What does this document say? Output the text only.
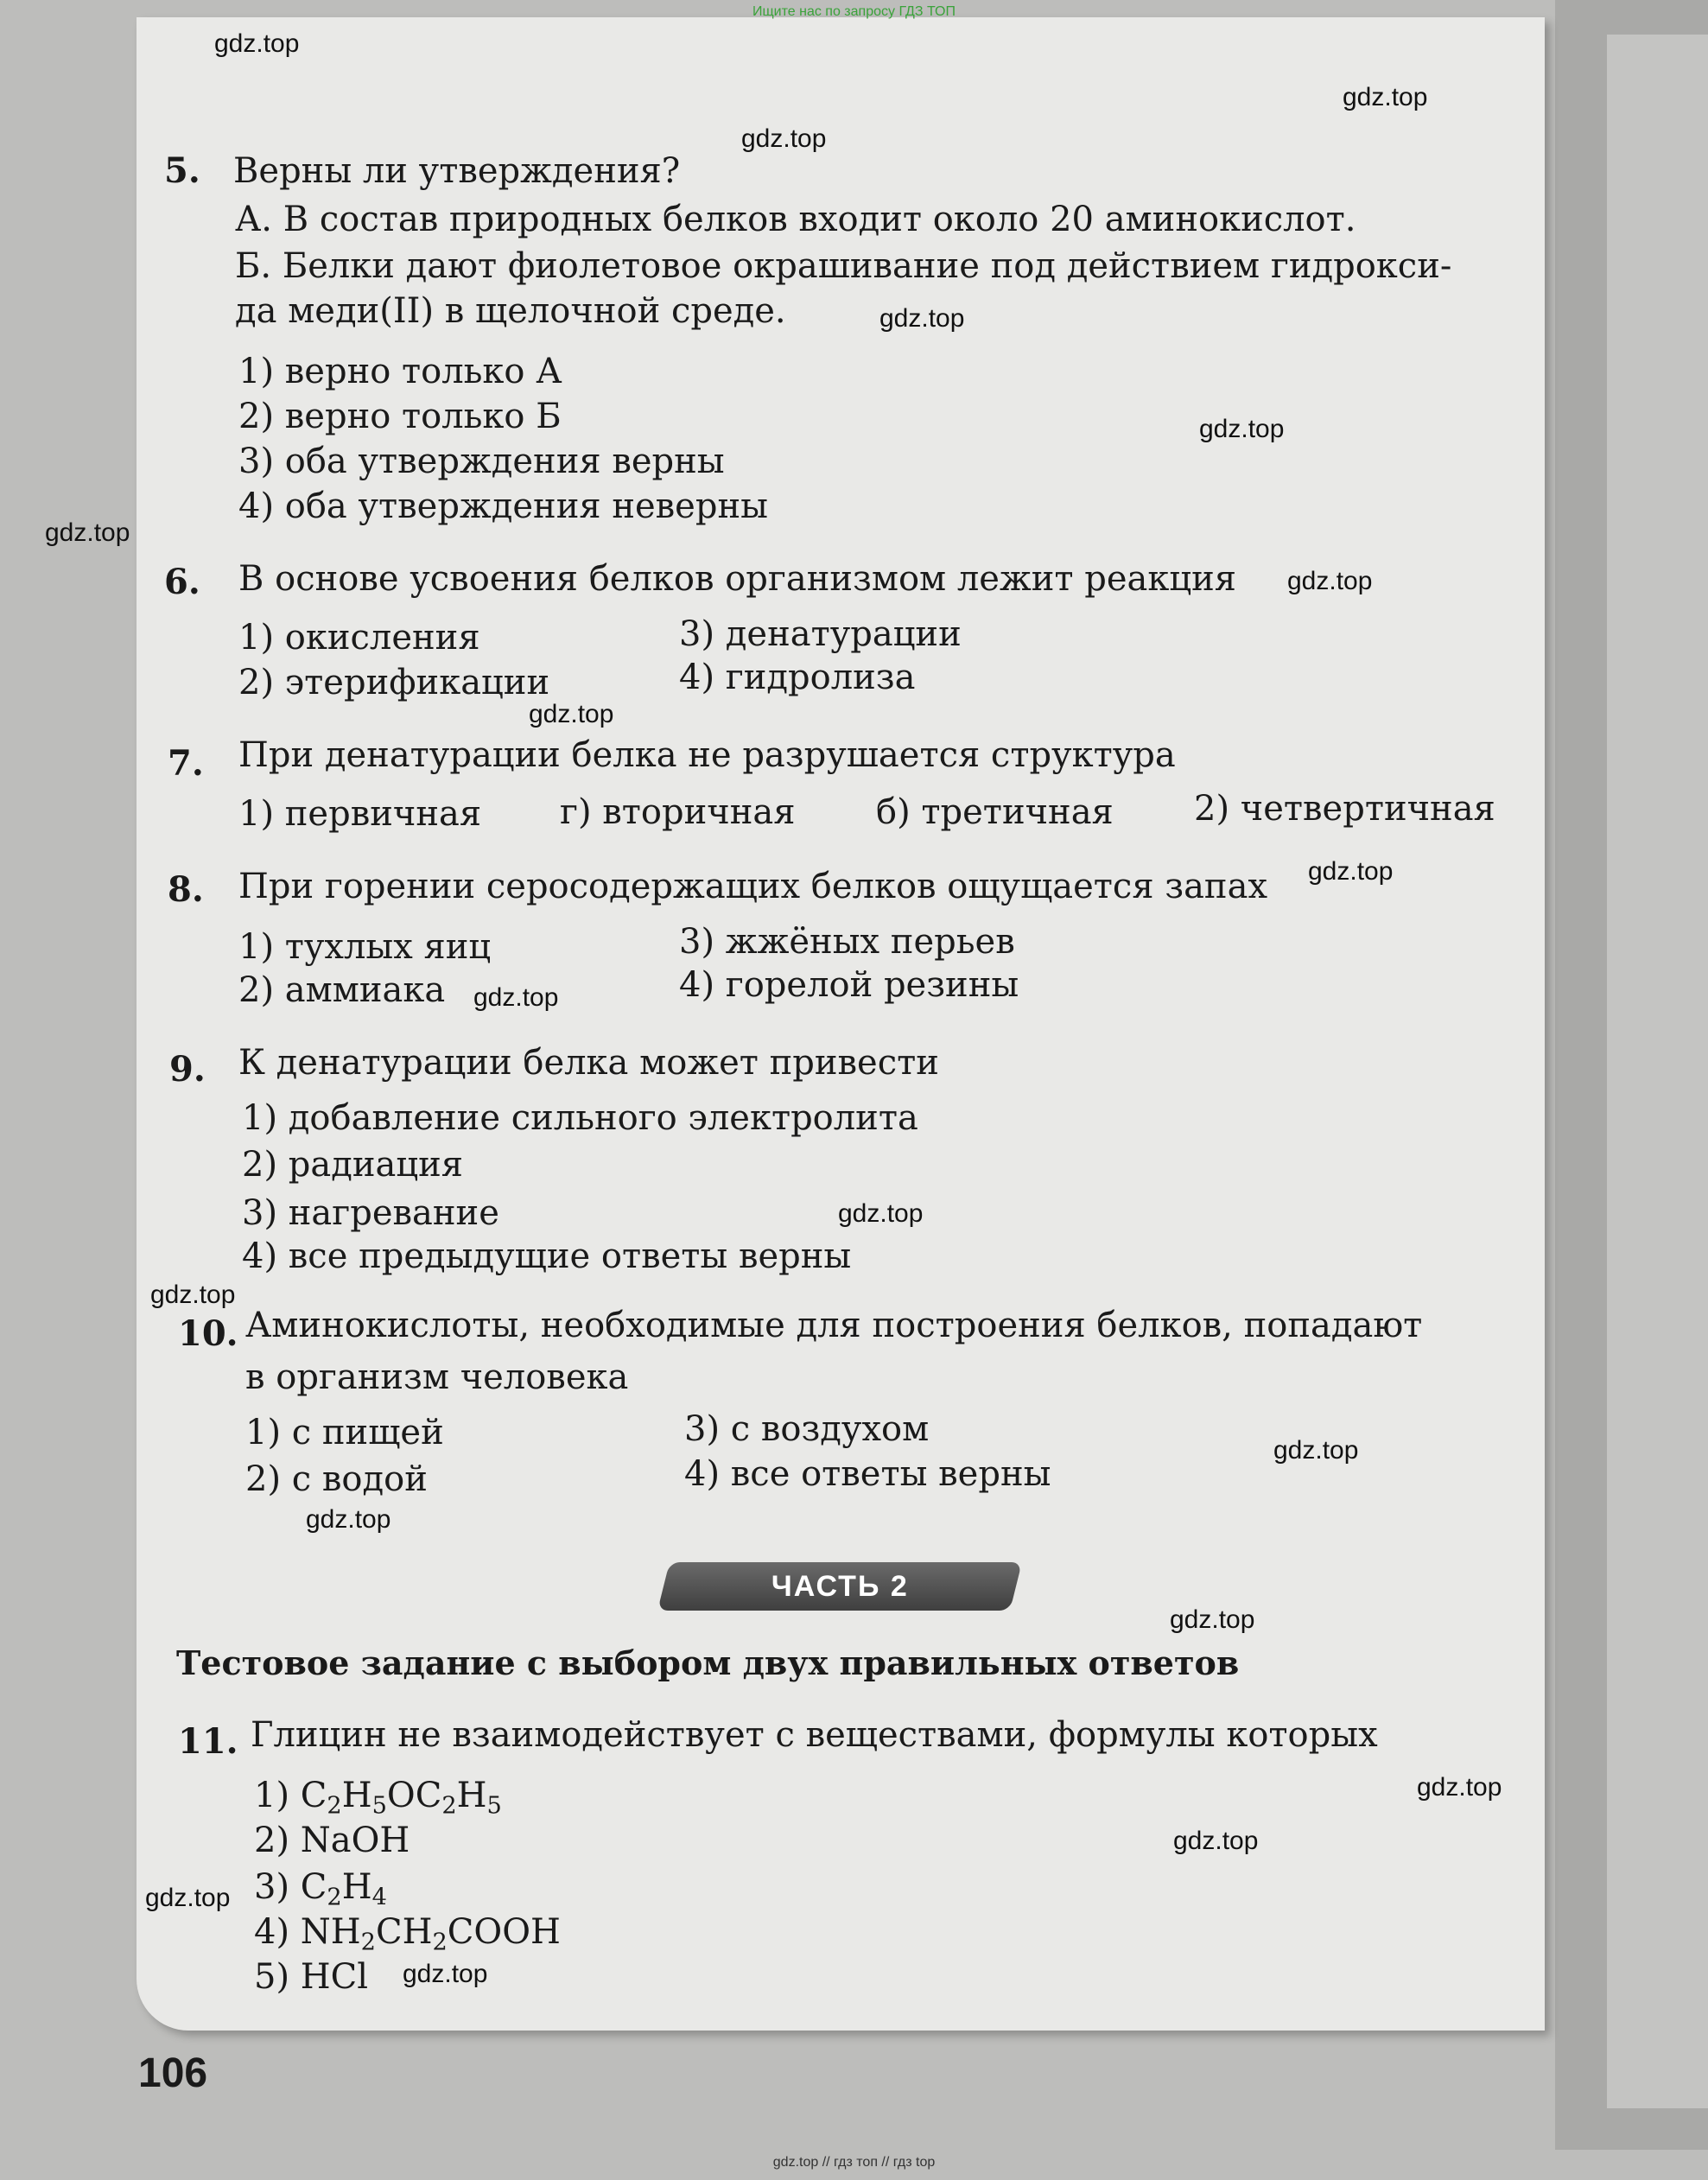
Ищите нас по запросу ГДЗ ТОП
gdz.top
gdz.top
gdz.top
gdz.top
gdz.top
gdz.top
gdz.top
gdz.top
gdz.top
gdz.top
gdz.top
gdz.top
gdz.top
gdz.top
gdz.top
gdz.top
gdz.top
gdz.top
gdz.top
5. Верны ли утверждения?
А. В состав природных белков входит около 20 аминокислот.
Б. Белки дают фиолетовое окрашивание под действием гидрокси-
да меди(II) в щелочной среде.
1) верно только А
2) верно только Б
3) оба утверждения верны
4) оба утверждения неверны
6. В основе усвоения белков организмом лежит реакция
1) окисления	3) денатурации
2) этерификации	4) гидролиза
7. При денатурации белка не разрушается структура
1) первичная г) вторичная б) третичная 2) четвертичная
8. При горении серосодержащих белков ощущается запах
1) тухлых яиц	3) жжёных перьев
2) аммиака	4) горелой резины
9. К денатурации белка может привести
1) добавление сильного электролита
2) радиация
3) нагревание
4) все предыдущие ответы верны
10. Аминокислоты, необходимые для построения белков, попадают
в организм человека
1) с пищей	3) с воздухом
2) с водой	4) все ответы верны
ЧАСТЬ 2
Тестовое задание с выбором двух правильных ответов
11. Глицин не взаимодействует с веществами, формулы которых
1) $C_2H_5OC_2H_5$
2) NaOH
3) $C_2H_4$
4) $NH_2CH_2COOH$
5) HCl
106
gdz.top // гдз топ // гдз top
